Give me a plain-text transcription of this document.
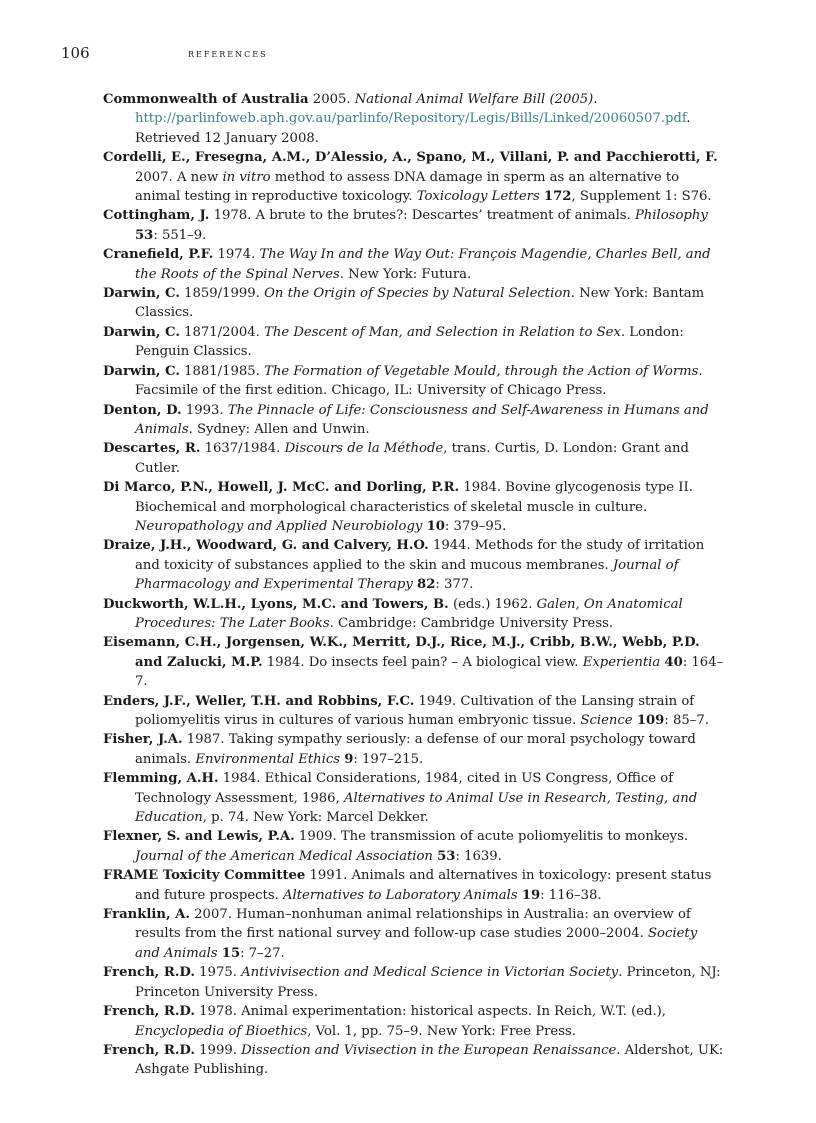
106	references

Commonwealth of Australia 2005. National Animal Welfare Bill (2005). http://parlinfoweb.​aph.gov.au/parlinfo/Repository/Legis/Bills/Linked/20060507.pdf. Retrieved 12 January 2008.

Cordelli, E., Fresegna, A.M., D’Alessio, A., Spano, M., Villani, P. and Pacchierotti, F. 2007. A new in vitro method to assess DNA damage in sperm as an alternative to animal testing in reproductive toxicology. Toxicology Letters 172, Supplement 1: S76.

Cottingham, J. 1978. A brute to the brutes?: Descartes’ treatment of animals. Philosophy 53: 551–9.

Cranefield, P.F. 1974. The Way In and the Way Out: François Magendie, Charles Bell, and the Roots of the Spinal Nerves. New York: Futura.

Darwin, C. 1859/1999. On the Origin of Species by Natural Selection. New York: Bantam Classics.

Darwin, C. 1871/2004. The Descent of Man, and Selection in Relation to Sex. London: Penguin Classics.

Darwin, C. 1881/1985. The Formation of Vegetable Mould, through the Action of Worms. Facsimile of the first edition. Chicago, IL: University of Chicago Press.

Denton, D. 1993. The Pinnacle of Life: Consciousness and Self-Awareness in Humans and Animals. Sydney: Allen and Unwin.

Descartes, R. 1637/1984. Discours de la Méthode, trans. Curtis, D. London: Grant and Cutler.

Di Marco, P.N., Howell, J. McC. and Dorling, P.R. 1984. Bovine glycogenosis type II. Biochemical and morphological characteristics of skeletal muscle in culture. Neuropathology and Applied Neurobiology 10: 379–95.

Draize, J.H., Woodward, G. and Calvery, H.O. 1944. Methods for the study of irritation and toxicity of substances applied to the skin and mucous membranes. Journal of Pharmacology and Experimental Therapy 82: 377.

Duckworth, W.L.H., Lyons, M.C. and Towers, B. (eds.) 1962. Galen, On Anatomical Procedures: The Later Books. Cambridge: Cambridge University Press.

Eisemann, C.H., Jorgensen, W.K., Merritt, D.J., Rice, M.J., Cribb, B.W., Webb, P.D. and Zalucki, M.P. 1984. Do insects feel pain? – A biological view. Experientia 40: 164–7.

Enders, J.F., Weller, T.H. and Robbins, F.C. 1949. Cultivation of the Lansing strain of poliomyelitis virus in cultures of various human embryonic tissue. Science 109: 85–7.

Fisher, J.A. 1987. Taking sympathy seriously: a defense of our moral psychology toward animals. Environmental Ethics 9: 197–215.

Flemming, A.H. 1984. Ethical Considerations, 1984, cited in US Congress, Office of Technology Assessment, 1986, Alternatives to Animal Use in Research, Testing, and Education, p. 74. New York: Marcel Dekker.

Flexner, S. and Lewis, P.A. 1909. The transmission of acute poliomyelitis to monkeys. Journal of the American Medical Association 53: 1639.

FRAME Toxicity Committee 1991. Animals and alternatives in toxicology: present status and future prospects. Alternatives to Laboratory Animals 19: 116–38.

Franklin, A. 2007. Human–nonhuman animal relationships in Australia: an overview of results from the first national survey and follow-up case studies 2000–2004. Society and Animals 15: 7–27.

French, R.D. 1975. Antivivisection and Medical Science in Victorian Society. Princeton, NJ: Princeton University Press.

French, R.D. 1978. Animal experimentation: historical aspects. In Reich, W.T. (ed.), Encyclopedia of Bioethics, Vol. 1, pp. 75–9. New York: Free Press.

French, R.D. 1999. Dissection and Vivisection in the European Renaissance. Aldershot, UK: Ashgate Publishing.
